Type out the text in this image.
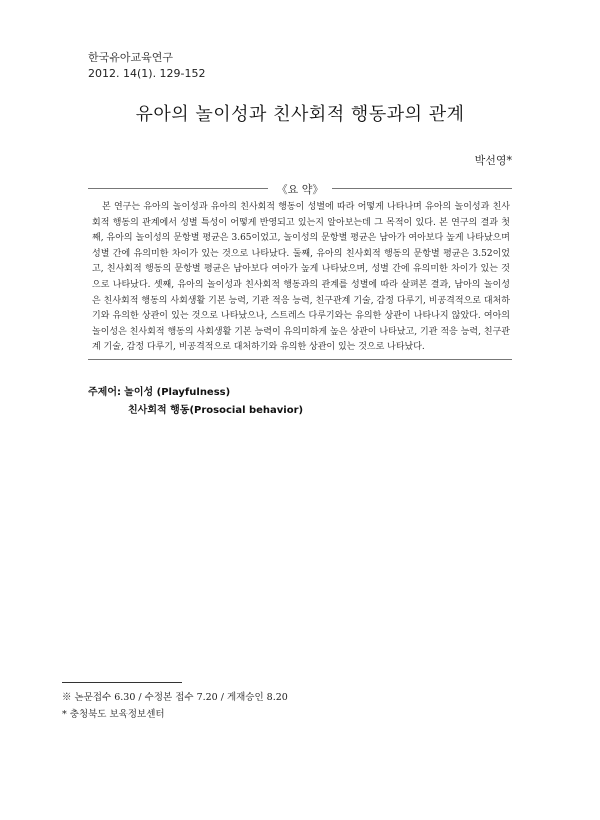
한국유아교육연구
2012. 14(1). 129-152
유아의 놀이성과 친사회적 행동과의 관계
박선영*
《요 약》

본 연구는 유아의 놀이성과 유아의 친사회적 행동이 성별에 따라 어떻게 나타나며 유아의 놀이성과 친사회적 행동의 관계에서 성별 특성이 어떻게 반영되고 있는지 알아보는데 그 목적이 있다. 본 연구의 결과 첫째, 유아의 놀이성의 문항별 평균은 3.65이었고, 놀이성의 문항별 평균은 남아가 여아보다 높게 나타났으며 성별 간에 유의미한 차이가 있는 것으로 나타났다. 둘째, 유아의 친사회적 행동의 문항별 평균은 3.52이었고, 친사회적 행동의 문항별 평균은 남아보다 여아가 높게 나타났으며, 성별 간에 유의미한 차이가 있는 것으로 나타났다. 셋째, 유아의 놀이성과 친사회적 행동과의 관계를 성별에 따라 살펴본 결과, 남아의 놀이성은 친사회적 행동의 사회생활 기본 능력, 기관 적응 능력, 친구관계 기술, 감정 다루기, 비공격적으로 대처하기와 유의한 상관이 있는 것으로 나타났으나, 스트레스 다루기와는 유의한 상관이 나타나지 않았다. 여아의 놀이성은 친사회적 행동의 사회생활 기본 능력이 유의미하게 높은 상관이 나타났고, 기관 적응 능력, 친구관계 기술, 감정 다루기, 비공격적으로 대처하기와 유의한 상관이 있는 것으로 나타났다.

주제어: 놀이성 (Playfulness)
친사회적 행동(Prosocial behavior)
※ 논문접수 6.30 / 수정본 접수 7.20 / 게재승인 8.20
* 충청북도 보육정보센터
